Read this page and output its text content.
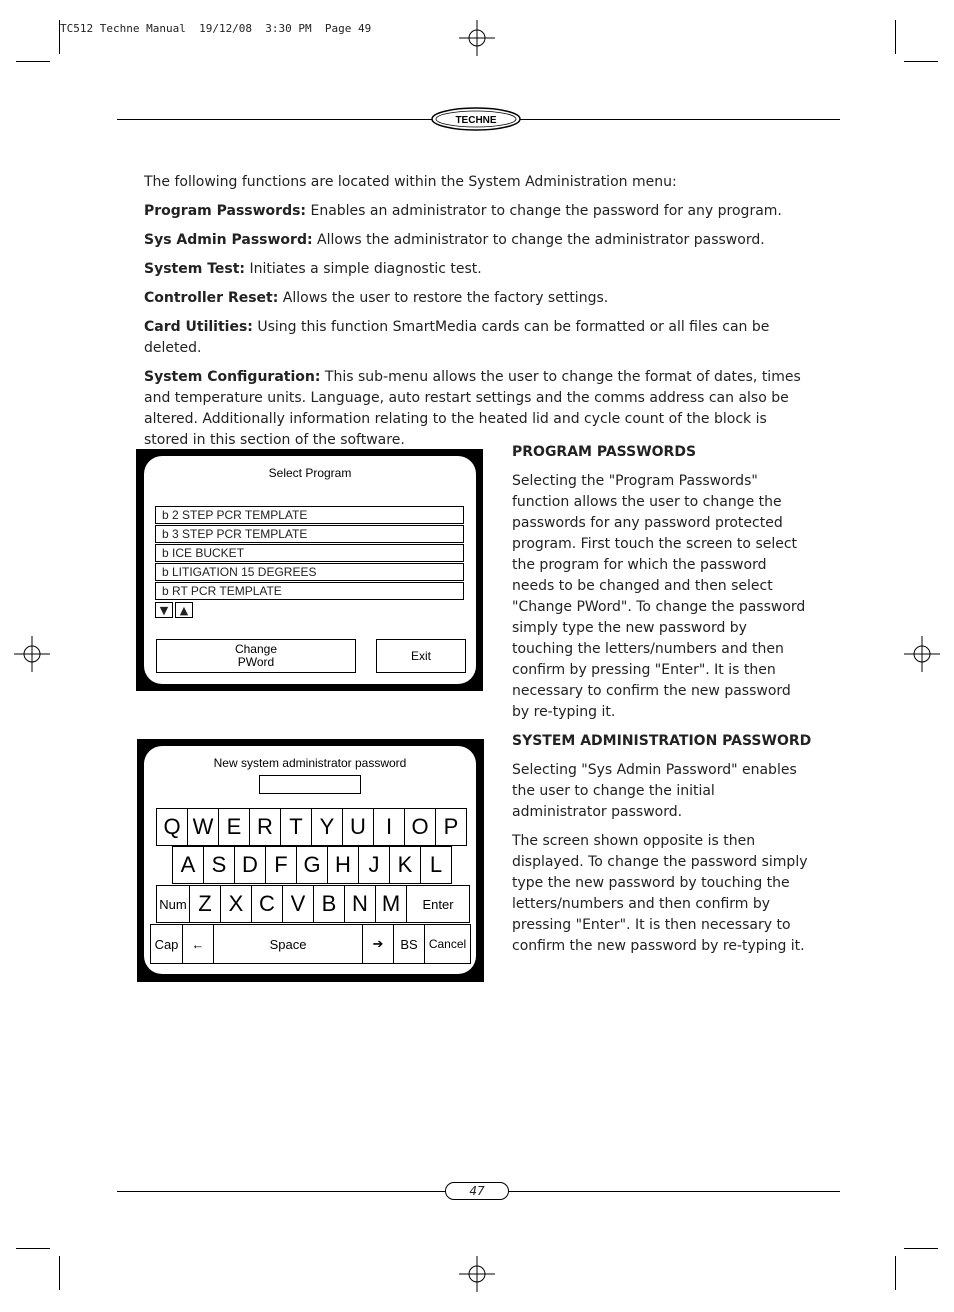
TC512 Techne Manual  19/12/08  3:30 PM  Page 49
TECHNE

The following functions are located within the System Administration menu:

Program Passwords: Enables an administrator to change the password for any program.

Sys Admin Password: Allows the administrator to change the administrator password.

System Test: Initiates a simple diagnostic test.

Controller Reset: Allows the user to restore the factory settings.

Card Utilities: Using this function SmartMedia cards can be formatted or all files can be deleted.

System Configuration: This sub-menu allows the user to change the format of dates, times and temperature units. Language, auto restart settings and the comms address can also be altered. Additionally information relating to the heated lid and cycle count of the block is stored in this section of the software.

Select Program
b 2 STEP PCR TEMPLATE
b 3 STEP PCR TEMPLATE
b ICE BUCKET
b LITIGATION 15 DEGREES
b RT PCR TEMPLATE
▼	▲
Change
PWord	Exit
PROGRAM PASSWORDS

Selecting the "Program Passwords" function allows the user to change the passwords for any password protected program. First touch the screen to select the program for which the password needs to be changed and then select "Change PWord". To change the password simply type the new password by touching the letters/numbers and then confirm by pressing "Enter". It is then necessary to confirm the new password by re-typing it.

New system administrator password
Q W E R T Y U I O P
A S D F G H J K L
Num Z X C V B N M	Enter
Cap	←	Space	➔	BS Cancel
SYSTEM ADMINISTRATION PASSWORD

Selecting "Sys Admin Password" enables the user to change the initial administrator password.

The screen shown opposite is then displayed. To change the password simply type the new password by touching the letters/numbers and then confirm by pressing "Enter". It is then necessary to confirm the new password by re-typing it.

47
